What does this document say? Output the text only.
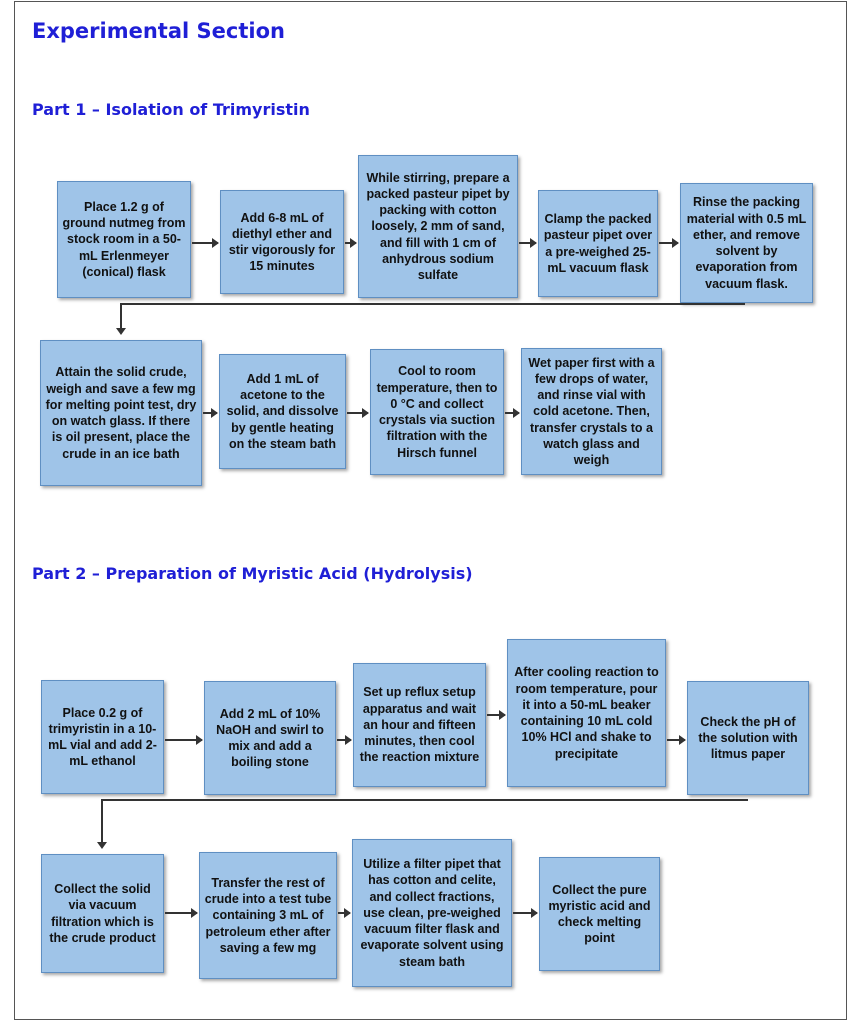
Experimental Section
Part 1 – Isolation of Trimyristin
Place 1.2 g of ground nutmeg from stock room in a 50-mL Erlenmeyer (conical) flask
Add 6-8 mL of diethyl ether and stir vigorously for 15 minutes
While stirring, prepare a packed pasteur pipet by packing with cotton loosely, 2 mm of sand, and fill with 1 cm of anhydrous sodium sulfate
Clamp the packed pasteur pipet over a pre-weighed 25-mL vacuum flask
Rinse the packing material with 0.5 mL ether, and remove solvent by evaporation from vacuum flask.
Attain the solid crude, weigh and save a few mg for melting point test, dry on watch glass. If there is oil present, place the crude in an ice bath
Add 1 mL of acetone to the solid, and dissolve by gentle heating on the steam bath
Cool to room temperature, then to 0 °C and collect crystals via suction filtration with the Hirsch funnel
Wet paper first with a few drops of water, and rinse vial with cold acetone. Then, transfer crystals to a watch glass and weigh
Part 2 – Preparation of Myristic Acid (Hydrolysis)
Place 0.2 g of trimyristin in a 10-mL vial and add 2-mL ethanol
Add 2 mL of 10% NaOH and swirl to mix and add a boiling stone
Set up reflux setup apparatus and wait an hour and fifteen minutes, then cool the reaction mixture
After cooling reaction to room temperature, pour it into a 50-mL beaker containing 10 mL cold 10% HCl and shake to precipitate
Check the pH of the solution with litmus paper
Collect the solid via vacuum filtration which is the crude product
Transfer the rest of crude into a test tube containing 3 mL of petroleum ether after saving a few mg
Utilize a filter pipet that has cotton and celite, and collect fractions, use clean, pre-weighed vacuum filter flask and evaporate solvent using steam bath
Collect the pure myristic acid and check melting point
